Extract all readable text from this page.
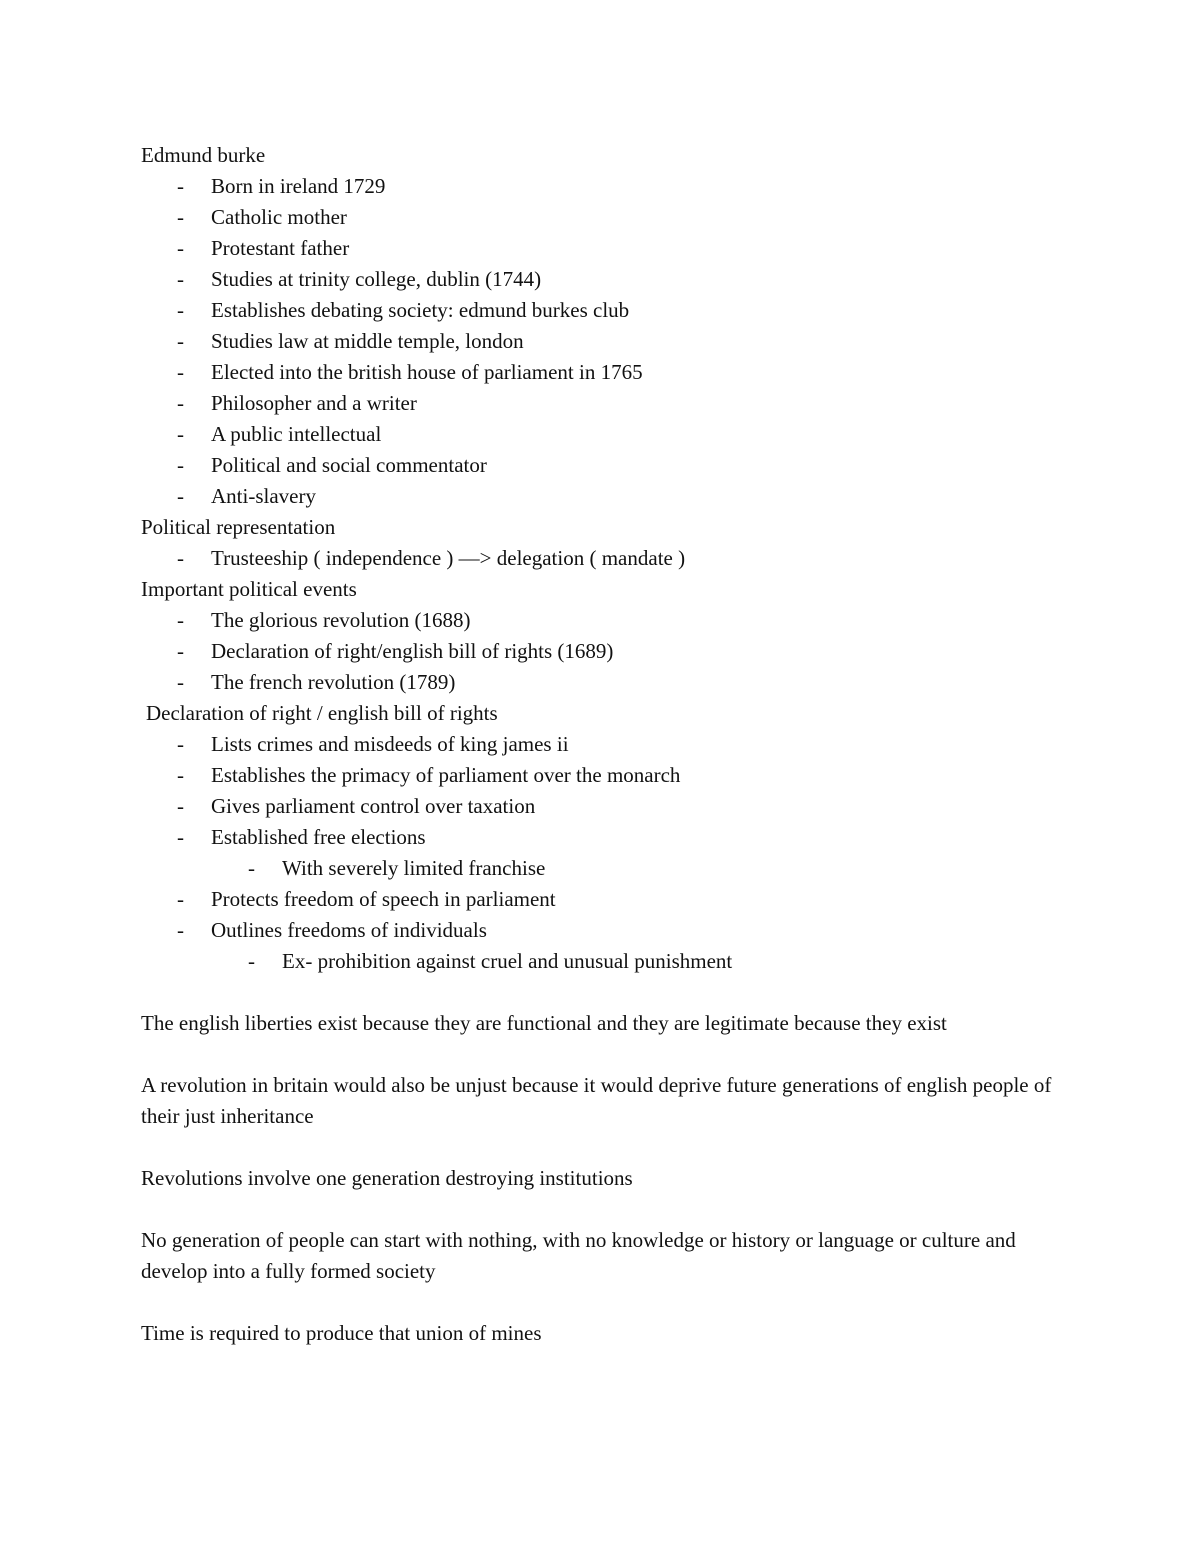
Edmund burke
- Born in ireland 1729
- Catholic mother
- Protestant father
- Studies at trinity college, dublin (1744)
- Establishes debating society: edmund burkes club
- Studies law at middle temple, london
- Elected into the british house of parliament in 1765
- Philosopher and a writer
- A public intellectual
- Political and social commentator
- Anti-slavery
Political representation
- Trusteeship ( independence ) —> delegation ( mandate )
Important political events
- The glorious revolution (1688)
- Declaration of right/english bill of rights (1689)
- The french revolution (1789)
Declaration of right / english bill of rights
- Lists crimes and misdeeds of king james ii
- Establishes the primacy of parliament over the monarch
- Gives parliament control over taxation
- Established free elections
- With severely limited franchise
- Protects freedom of speech in parliament
- Outlines freedoms of individuals
- Ex- prohibition against cruel and unusual punishment
The english liberties exist because they are functional and they are legitimate because they exist
A revolution in britain would also be unjust because it would deprive future generations of english people of their just inheritance
Revolutions involve one generation destroying institutions
No generation of people can start with nothing, with no knowledge or history or language or culture and develop into a fully formed society
Time is required to produce that union of mines
